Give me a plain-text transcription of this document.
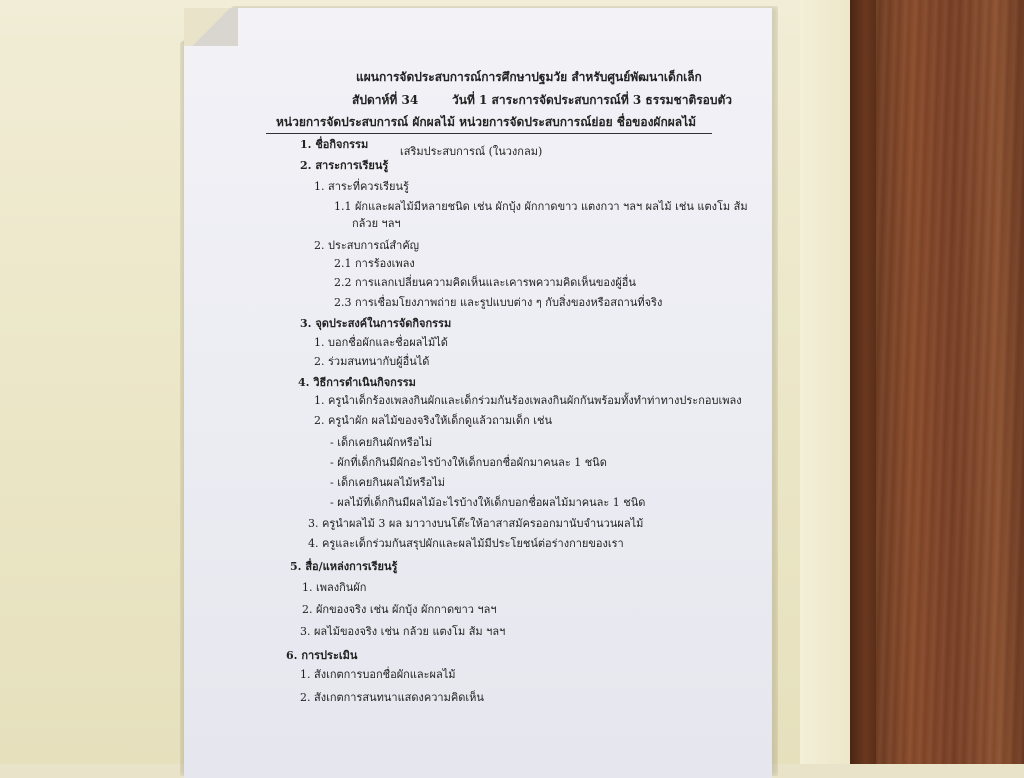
แผนการจัดประสบการณ์การศึกษาปฐมวัย สำหรับศูนย์พัฒนาเด็กเล็ก
สัปดาห์ที่ 34	วันที่ 1 สาระการจัดประสบการณ์ที่ 3 ธรรมชาติรอบตัว
หน่วยการจัดประสบการณ์ ผักผลไม้ หน่วยการจัดประสบการณ์ย่อย ชื่อของผักผลไม้
1. ชื่อกิจกรรม
เสริมประสบการณ์ (ในวงกลม)
2. สาระการเรียนรู้
1. สาระที่ควรเรียนรู้
1.1 ผักและผลไม้มีหลายชนิด เช่น ผักบุ้ง ผักกาดขาว แตงกวา ฯลฯ ผลไม้ เช่น แตงโม ส้ม
กล้วย ฯลฯ
2. ประสบการณ์สำคัญ
2.1 การร้องเพลง
2.2 การแลกเปลี่ยนความคิดเห็นและเคารพความคิดเห็นของผู้อื่น
2.3 การเชื่อมโยงภาพถ่าย และรูปแบบต่าง ๆ กับสิ่งของหรือสถานที่จริง
3. จุดประสงค์ในการจัดกิจกรรม
1. บอกชื่อผักและชื่อผลไม้ได้
2. ร่วมสนทนากับผู้อื่นได้
4. วิธีการดำเนินกิจกรรม
1. ครูนำเด็กร้องเพลงกินผักและเด็กร่วมกันร้องเพลงกินผักกันพร้อมทั้งทำท่าทางประกอบเพลง
2. ครูนำผัก ผลไม้ของจริงให้เด็กดูแล้วถามเด็ก เช่น
- เด็กเคยกินผักหรือไม่
- ผักที่เด็กกินมีผักอะไรบ้างให้เด็กบอกชื่อผักมาคนละ 1 ชนิด
- เด็กเคยกินผลไม้หรือไม่
- ผลไม้ที่เด็กกินมีผลไม้อะไรบ้างให้เด็กบอกชื่อผลไม้มาคนละ 1 ชนิด
3. ครูนำผลไม้ 3 ผล มาวางบนโต๊ะให้อาสาสมัครออกมานับจำนวนผลไม้
4. ครูและเด็กร่วมกันสรุปผักและผลไม้มีประโยชน์ต่อร่างกายของเรา
5. สื่อ/แหล่งการเรียนรู้
1. เพลงกินผัก
2. ผักของจริง เช่น ผักบุ้ง ผักกาดขาว ฯลฯ
3. ผลไม้ของจริง เช่น กล้วย แตงโม ส้ม ฯลฯ
6. การประเมิน
1. สังเกตการบอกชื่อผักและผลไม้
2. สังเกตการสนทนาแสดงความคิดเห็น
